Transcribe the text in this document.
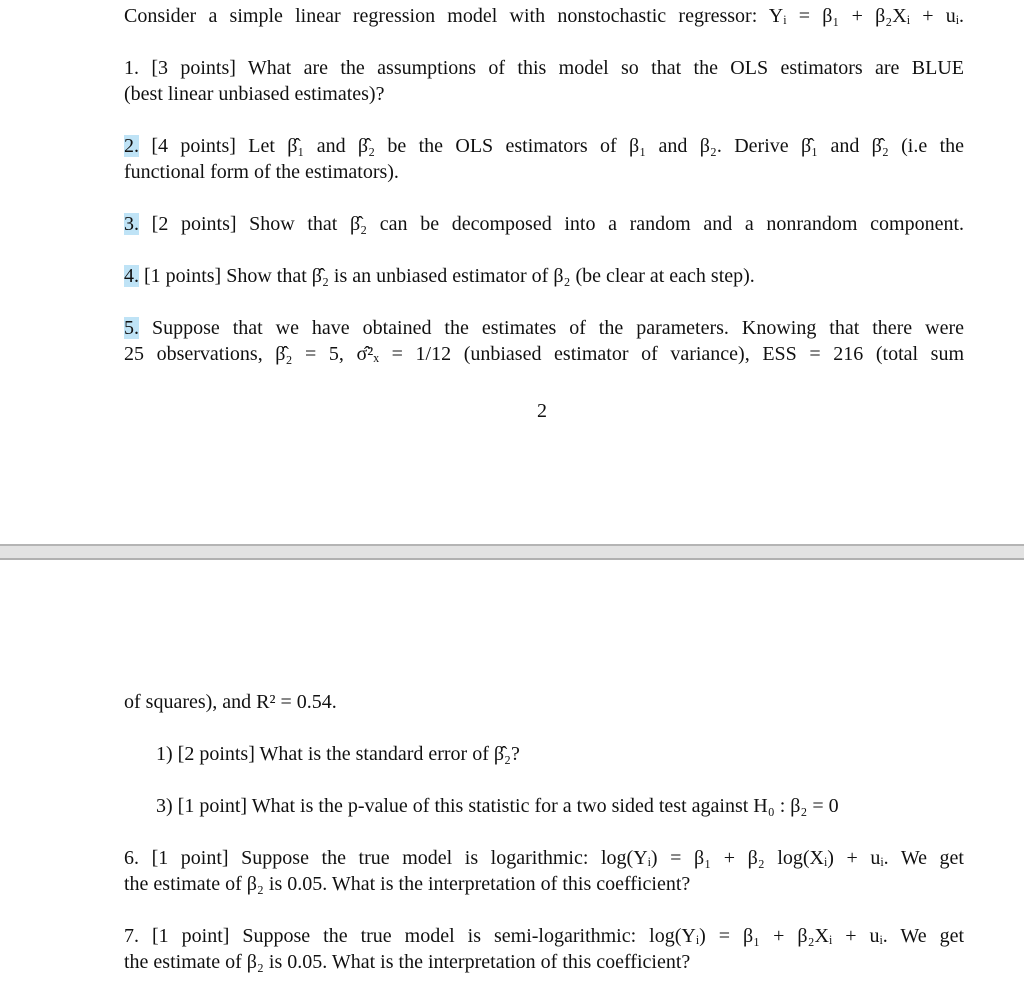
Consider a simple linear regression model with nonstochastic regressor: Yᵢ = β₁ + β₂Xᵢ + uᵢ.
1. [3 points] What are the assumptions of this model so that the OLS estimators are BLUE
(best linear unbiased estimates)?
2. [4 points] Let β̂₁ and β̂₂ be the OLS estimators of β₁ and β₂. Derive β̂₁ and β̂₂ (i.e the
functional form of the estimators).
3. [2 points] Show that β̂₂ can be decomposed into a random and a nonrandom component.
4. [1 points] Show that β̂₂ is an unbiased estimator of β₂ (be clear at each step).
5. Suppose that we have obtained the estimates of the parameters. Knowing that there were
25 observations, β̂₂ = 5, σ̂²ₓ = 1/12 (unbiased estimator of variance), ESS = 216 (total sum
2
of squares), and R² = 0.54.
1) [2 points] What is the standard error of β̂₂?
3) [1 point] What is the p-value of this statistic for a two sided test against H₀ : β₂ = 0
6. [1 point] Suppose the true model is logarithmic: log(Yᵢ) = β₁ + β₂ log(Xᵢ) + uᵢ. We get
the estimate of β₂ is 0.05. What is the interpretation of this coefficient?
7. [1 point] Suppose the true model is semi-logarithmic: log(Yᵢ) = β₁ + β₂Xᵢ + uᵢ. We get
the estimate of β₂ is 0.05. What is the interpretation of this coefficient?
